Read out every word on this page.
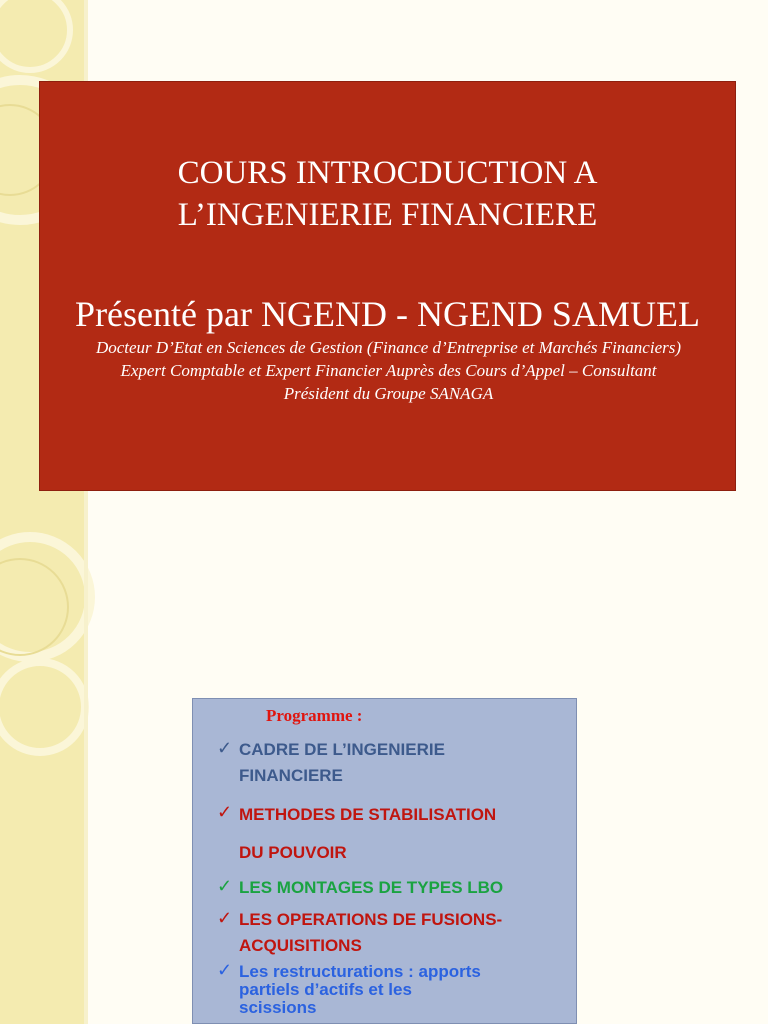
COURS INTROCDUCTION A

L’INGENIERIE FINANCIERE

Présenté par NGEND - NGEND SAMUEL
Docteur D’Etat en Sciences de Gestion (Finance d’Entreprise et Marchés Financiers)
Expert Comptable et Expert Financier Auprès des Cours d’Appel – Consultant
Président du Groupe SANAGA
Programme :
✓ CADRE DE L’INGENIERIE
FINANCIERE
✓ METHODES DE STABILISATION
DU POUVOIR
✓ LES MONTAGES DE TYPES LBO
✓ LES OPERATIONS DE FUSIONS-
ACQUISITIONS
✓ Les restructurations : apports
partiels d’actifs et les
scissions
